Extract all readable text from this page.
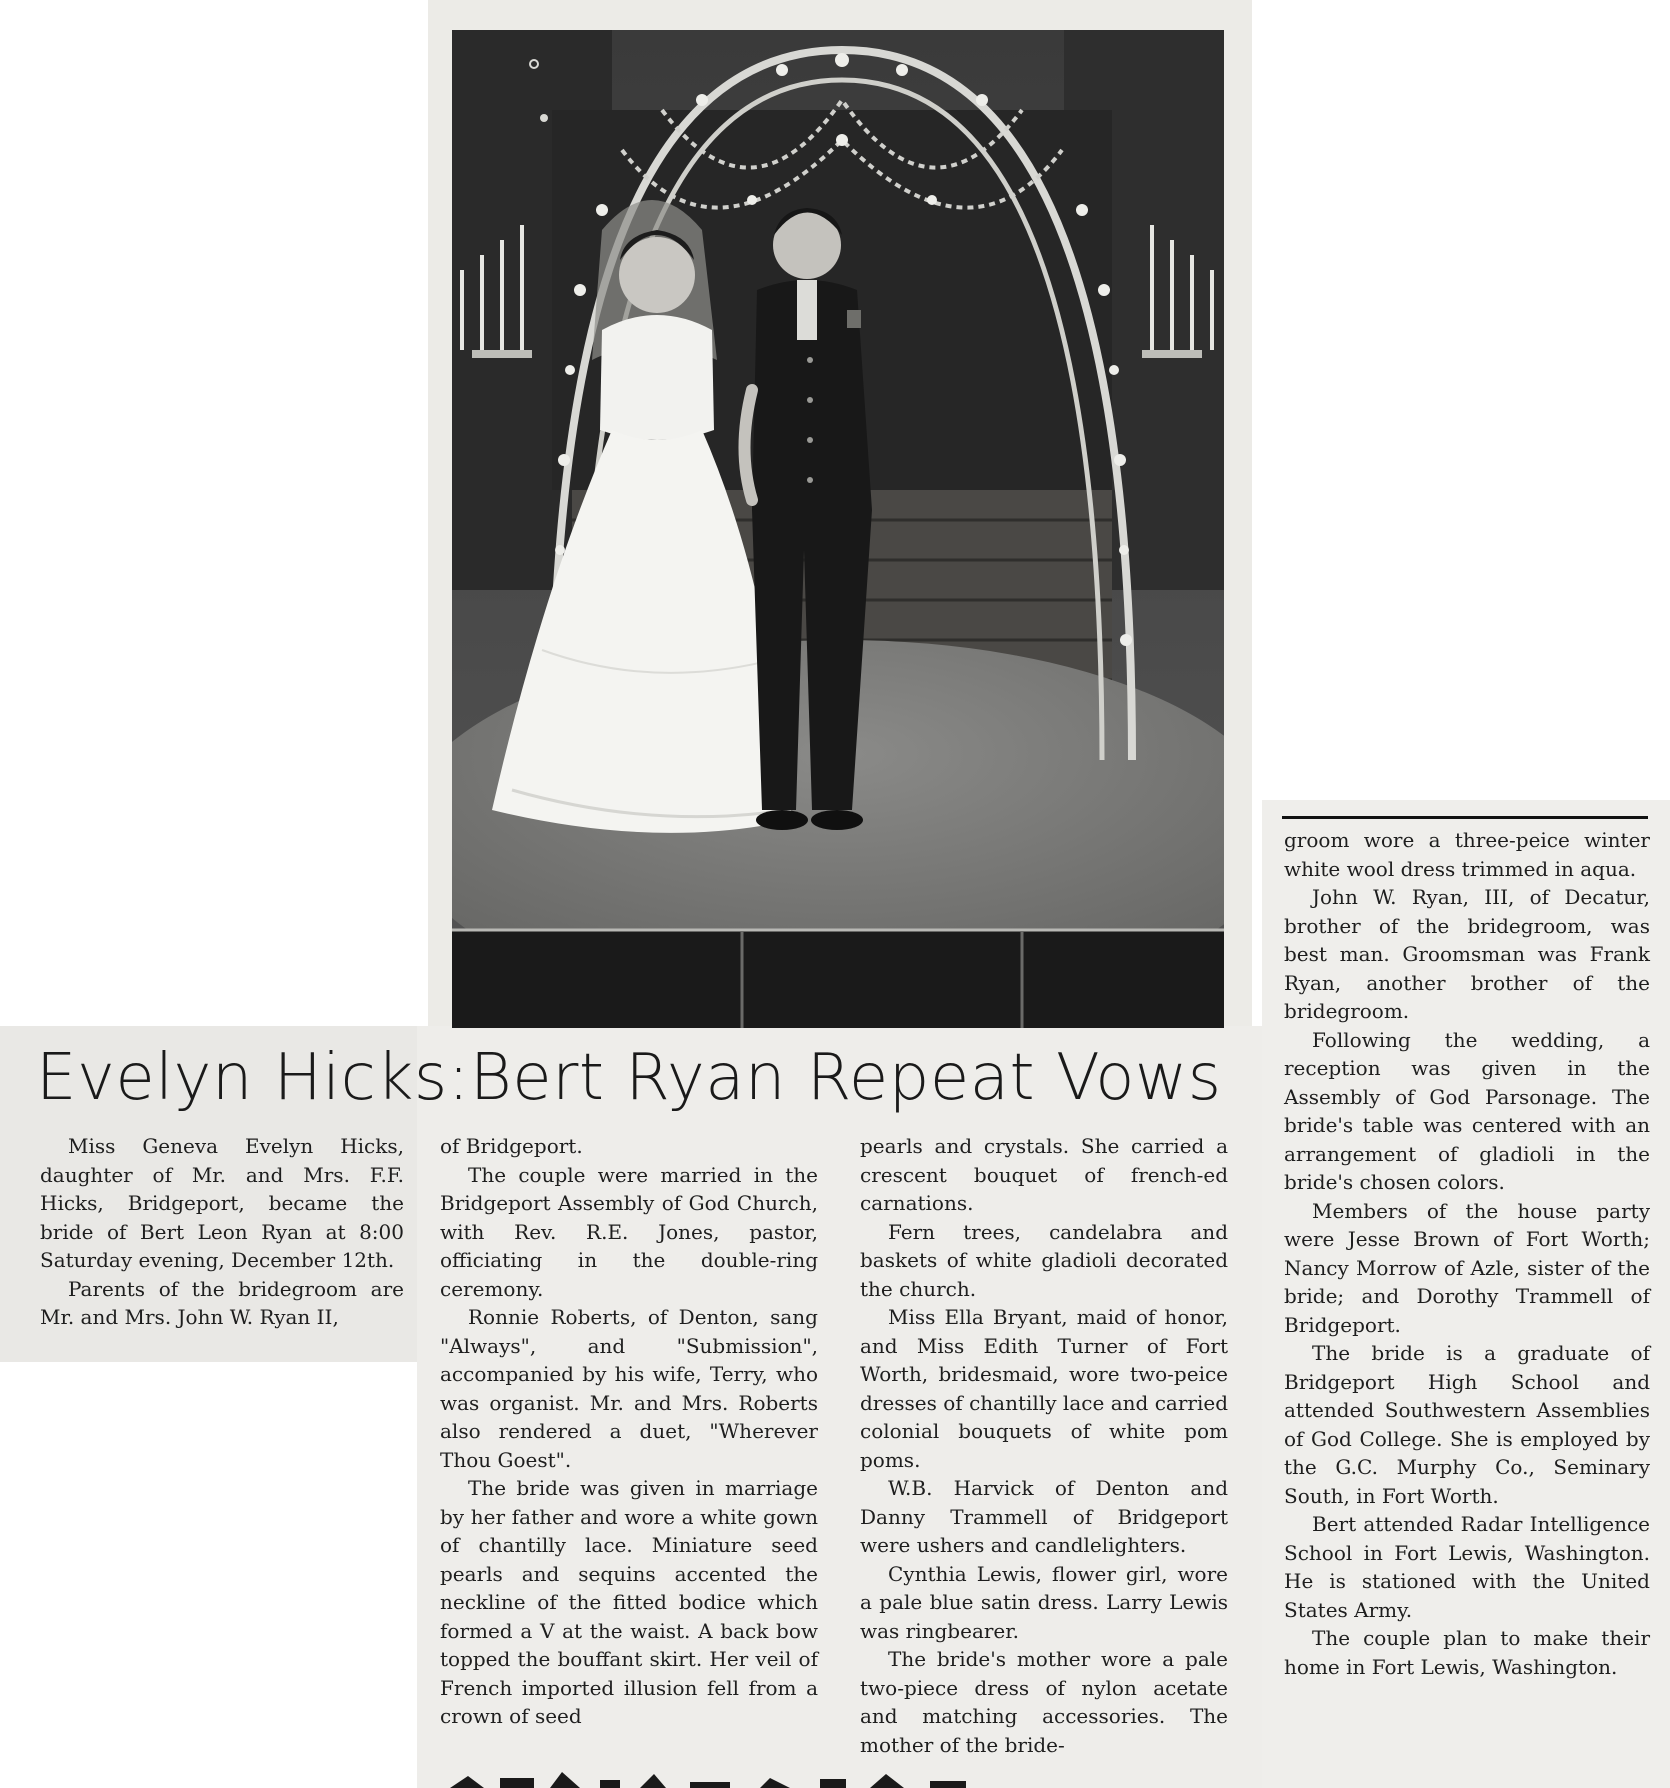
Evelyn Hicks:Bert Ryan Repeat Vows

Miss Geneva Evelyn Hicks, daughter of Mr. and Mrs. F.F. Hicks, Bridgeport, became the bride of Bert Leon Ryan at 8:00 Saturday evening, December 12th.

Parents of the bridegroom are Mr. and Mrs. John W. Ryan II,

of Bridgeport.

The couple were married in the Bridgeport Assembly of God Church, with Rev. R.E. Jones, pastor, officiating in the double-ring ceremony.

Ronnie Roberts, of Denton, sang "Always", and "Submission", accompanied by his wife, Terry, who was organist. Mr. and Mrs. Roberts also rendered a duet, "Wherever Thou Goest".

The bride was given in marriage by her father and wore a white gown of chantilly lace. Miniature seed pearls and sequins accented the neckline of the fitted bodice which formed a V at the waist. A back bow topped the bouffant skirt. Her veil of French imported illusion fell from a crown of seed

pearls and crystals. She carried a crescent bouquet of french-ed carnations.

Fern trees, candelabra and baskets of white gladioli decorated the church.

Miss Ella Bryant, maid of honor, and Miss Edith Turner of Fort Worth, bridesmaid, wore two-peice dresses of chantilly lace and carried colonial bouquets of white pom poms.

W.B. Harvick of Denton and Danny Trammell of Bridgeport were ushers and candlelighters.

Cynthia Lewis, flower girl, wore a pale blue satin dress. Larry Lewis was ringbearer.

The bride's mother wore a pale two-piece dress of nylon acetate and matching accessories. The mother of the bride-

groom wore a three-peice winter white wool dress trimmed in aqua.

John W. Ryan, III, of Decatur, brother of the bridegroom, was best man. Groomsman was Frank Ryan, another brother of the bridegroom.

Following the wedding, a reception was given in the Assembly of God Parsonage. The bride's table was centered with an arrangement of gladioli in the bride's chosen colors.

Members of the house party were Jesse Brown of Fort Worth; Nancy Morrow of Azle, sister of the bride; and Dorothy Trammell of Bridgeport.

The bride is a graduate of Bridgeport High School and attended Southwestern Assemblies of God College. She is employed by the G.C. Murphy Co., Seminary South, in Fort Worth.

Bert attended Radar Intelligence School in Fort Lewis, Washington. He is stationed with the United States Army.

The couple plan to make their home in Fort Lewis, Washington.
